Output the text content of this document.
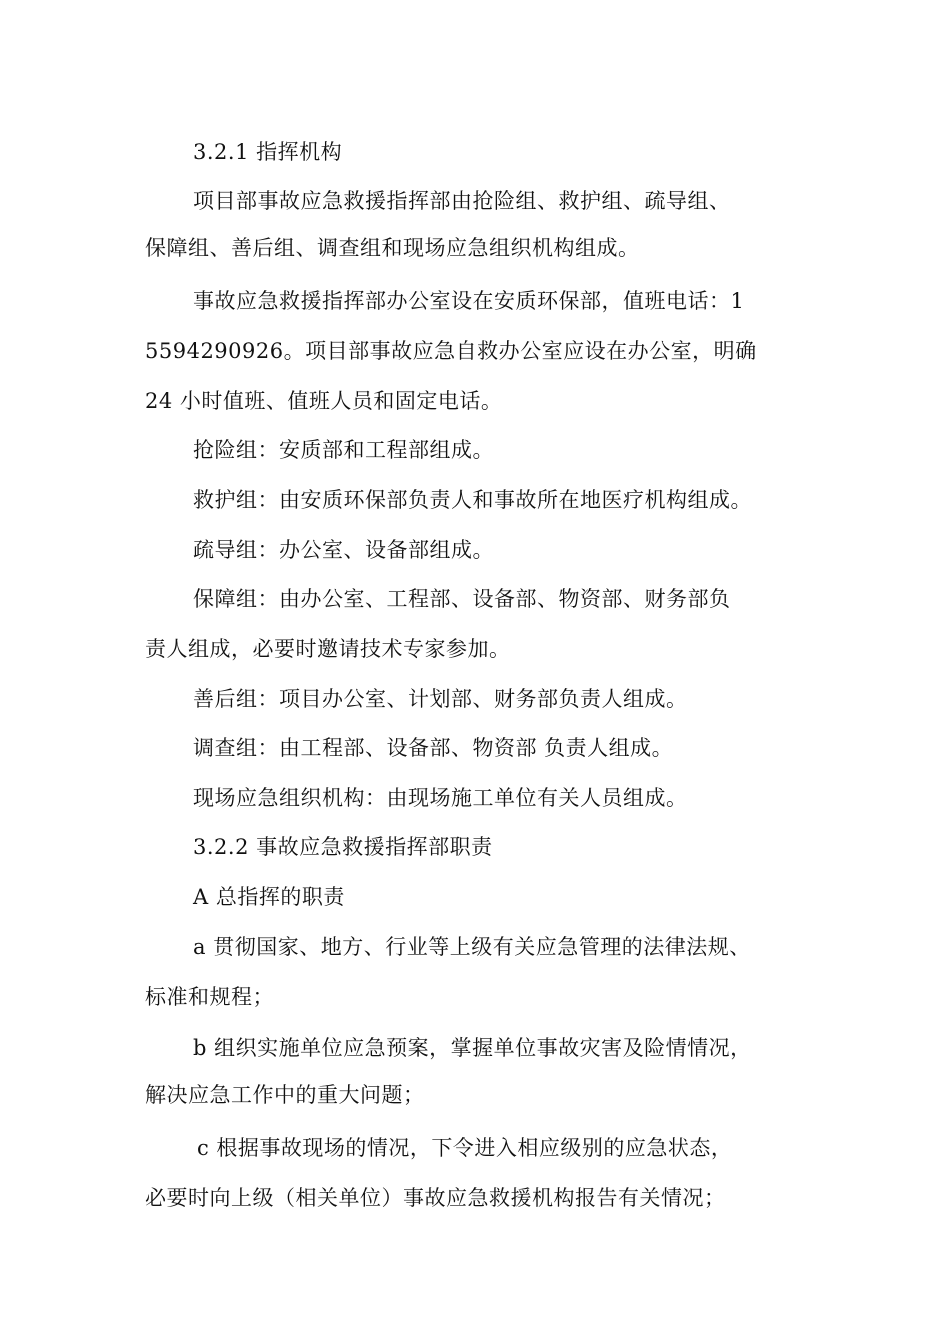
3.2.1 指挥机构
项目部事故应急救援指挥部由抢险组、救护组、疏导组、
保障组、善后组、调查组和现场应急组织机构组成。
事故应急救援指挥部办公室设在安质环保部，值班电话：1
5594290926。项目部事故应急自救办公室应设在办公室，明确
24 小时值班、值班人员和固定电话。
抢险组：安质部和工程部组成。
救护组：由安质环保部负责人和事故所在地医疗机构组成。
疏导组：办公室、设备部组成。
保障组：由办公室、工程部、设备部、物资部、财务部负
责人组成，必要时邀请技术专家参加。
善后组：项目办公室、计划部、财务部负责人组成。
调查组：由工程部、设备部、物资部 负责人组成。
现场应急组织机构：由现场施工单位有关人员组成。
3.2.2 事故应急救援指挥部职责
A 总指挥的职责
a 贯彻国家、地方、行业等上级有关应急管理的法律法规、
标准和规程；
b 组织实施单位应急预案，掌握单位事故灾害及险情情况，
解决应急工作中的重大问题；
c 根据事故现场的情况，下令进入相应级别的应急状态，
必要时向上级（相关单位）事故应急救援机构报告有关情况；
